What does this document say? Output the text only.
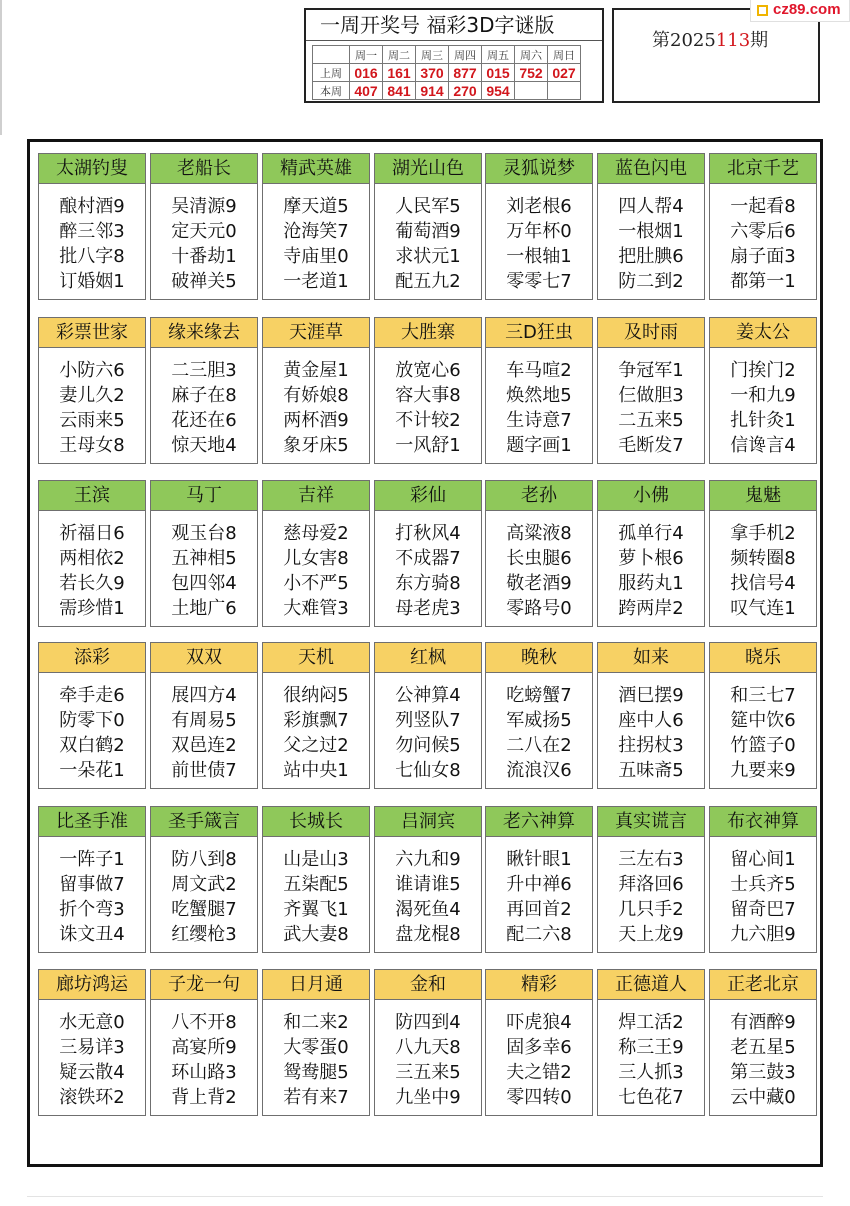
一周开奖号 福彩3D字谜版
	周一	周二	周三	周四	周五	周六	周日
上周	016	161	370	877	015	752	027
本周	407	841	914	270	954		
第2025113期
cz89.com
太湖钓叟
酿村酒9
醉三邻3
批八字8
订婚姻1
老船长
吴清源9
定天元0
十番劫1
破禅关5
精武英雄
摩天道5
沧海笑7
寺庙里0
一老道1
湖光山色
人民军5
葡萄酒9
求状元1
配五九2
灵狐说梦
刘老根6
万年杯0
一根轴1
零零七7
蓝色闪电
四人帮4
一根烟1
把肚腆6
防二到2
北京千艺
一起看8
六零后6
扇子面3
都第一1
彩票世家
小防六6
妻儿久2
云雨来5
王母女8
缘来缘去
二三胆3
麻子在8
花还在6
惊天地4
天涯草
黄金屋1
有娇娘8
两杯酒9
象牙床5
大胜寨
放宽心6
容大事8
不计较2
一风舒1
三D狂虫
车马喧2
焕然地5
生诗意7
题字画1
及时雨
争冠军1
仨做胆3
二五来5
毛断发7
姜太公
门挨门2
一和九9
扎针灸1
信谗言4
王滨
祈福日6
两相依2
若长久9
需珍惜1
马丁
观玉台8
五神相5
包四邻4
土地广6
吉祥
慈母爱2
儿女害8
小不严5
大难管3
彩仙
打秋风4
不成器7
东方骑8
母老虎3
老孙
高粱液8
长虫腿6
敬老酒9
零路号0
小佛
孤单行4
萝卜根6
服药丸1
跨两岸2
鬼魅
拿手机2
频转圈8
找信号4
叹气连1
添彩
牵手走6
防零下0
双白鹤2
一朵花1
双双
展四方4
有周易5
双邑连2
前世债7
天机
很纳闷5
彩旗飘7
父之过2
站中央1
红枫
公神算4
列竖队7
勿问候5
七仙女8
晚秋
吃螃蟹7
军威扬5
二八在2
流浪汉6
如来
酒巳摆9
座中人6
拄拐杖3
五味斋5
晓乐
和三七7
筵中饮6
竹篮子0
九要来9
比圣手准
一阵子1
留事做7
折个弯3
诛文丑4
圣手箴言
防八到8
周文武2
吃蟹腿7
红缨枪3
长城长
山是山3
五柒配5
齐翼飞1
武大妻8
吕洞宾
六九和9
谁请谁5
渴死鱼4
盘龙棍8
老六神算
瞅针眼1
升中禅6
再回首2
配二六8
真实谎言
三左右3
拜洛回6
几只手2
天上龙9
布衣神算
留心间1
士兵齐5
留奇巴7
九六胆9
廊坊鸿运
水无意0
三易详3
疑云散4
滚铁环2
子龙一句
八不开8
高宴所9
环山路3
背上背2
日月通
和二来2
大零蛋0
鸳鸯腿5
若有来7
金和
防四到4
八九天8
三五来5
九坐中9
精彩
吓虎狼4
固多幸6
夫之错2
零四转0
正德道人
焊工活2
称三王9
三人抓3
七色花7
正老北京
有酒醉9
老五星5
第三鼓3
云中藏0
